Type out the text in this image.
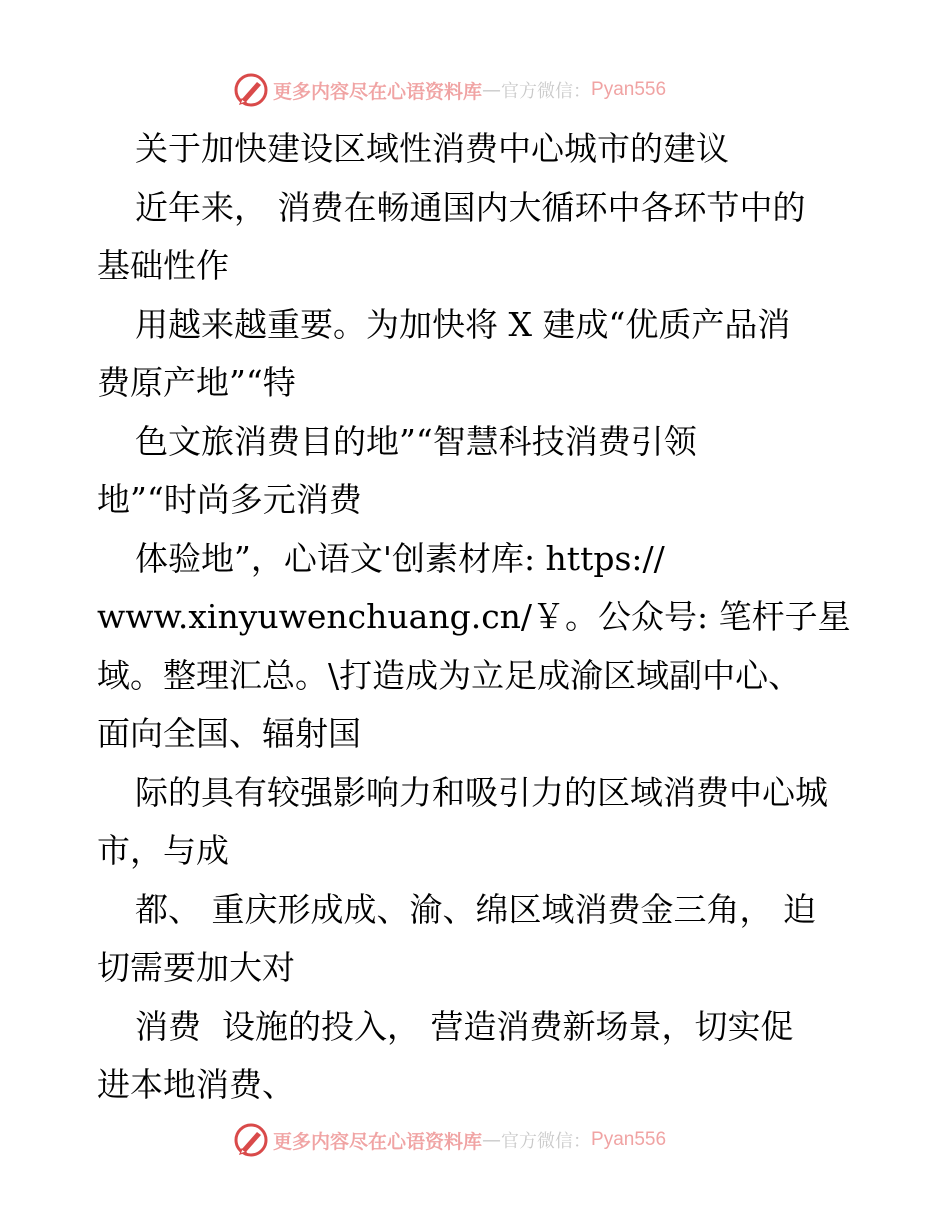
更多内容尽在心语资料库 — 官方微信： Pyan556
关于加快建设区域性消费中心城市的建议
近年来， 消费在畅通国内大循环中各环节中的
基础性作
用越来越重要。为加快将 X 建成“优质产品消
费原产地”“特
色文旅消费目的地”“智慧科技消费引领
地”“时尚多元消费
体验地”，心语文'创素材库: https://
www.xinyuwenchuang.cn/￥。公众号: 笔杆子星
域。整理汇总。\打造成为立足成渝区域副中心、
面向全国、辐射国
际的具有较强影响力和吸引力的区域消费中心城
市，与成
都、 重庆形成成、渝、绵区域消费金三角， 迫
切需要加大对
消费  设施的投入， 营造消费新场景，切实促
进本地消费、
更多内容尽在心语资料库 — 官方微信： Pyan556
